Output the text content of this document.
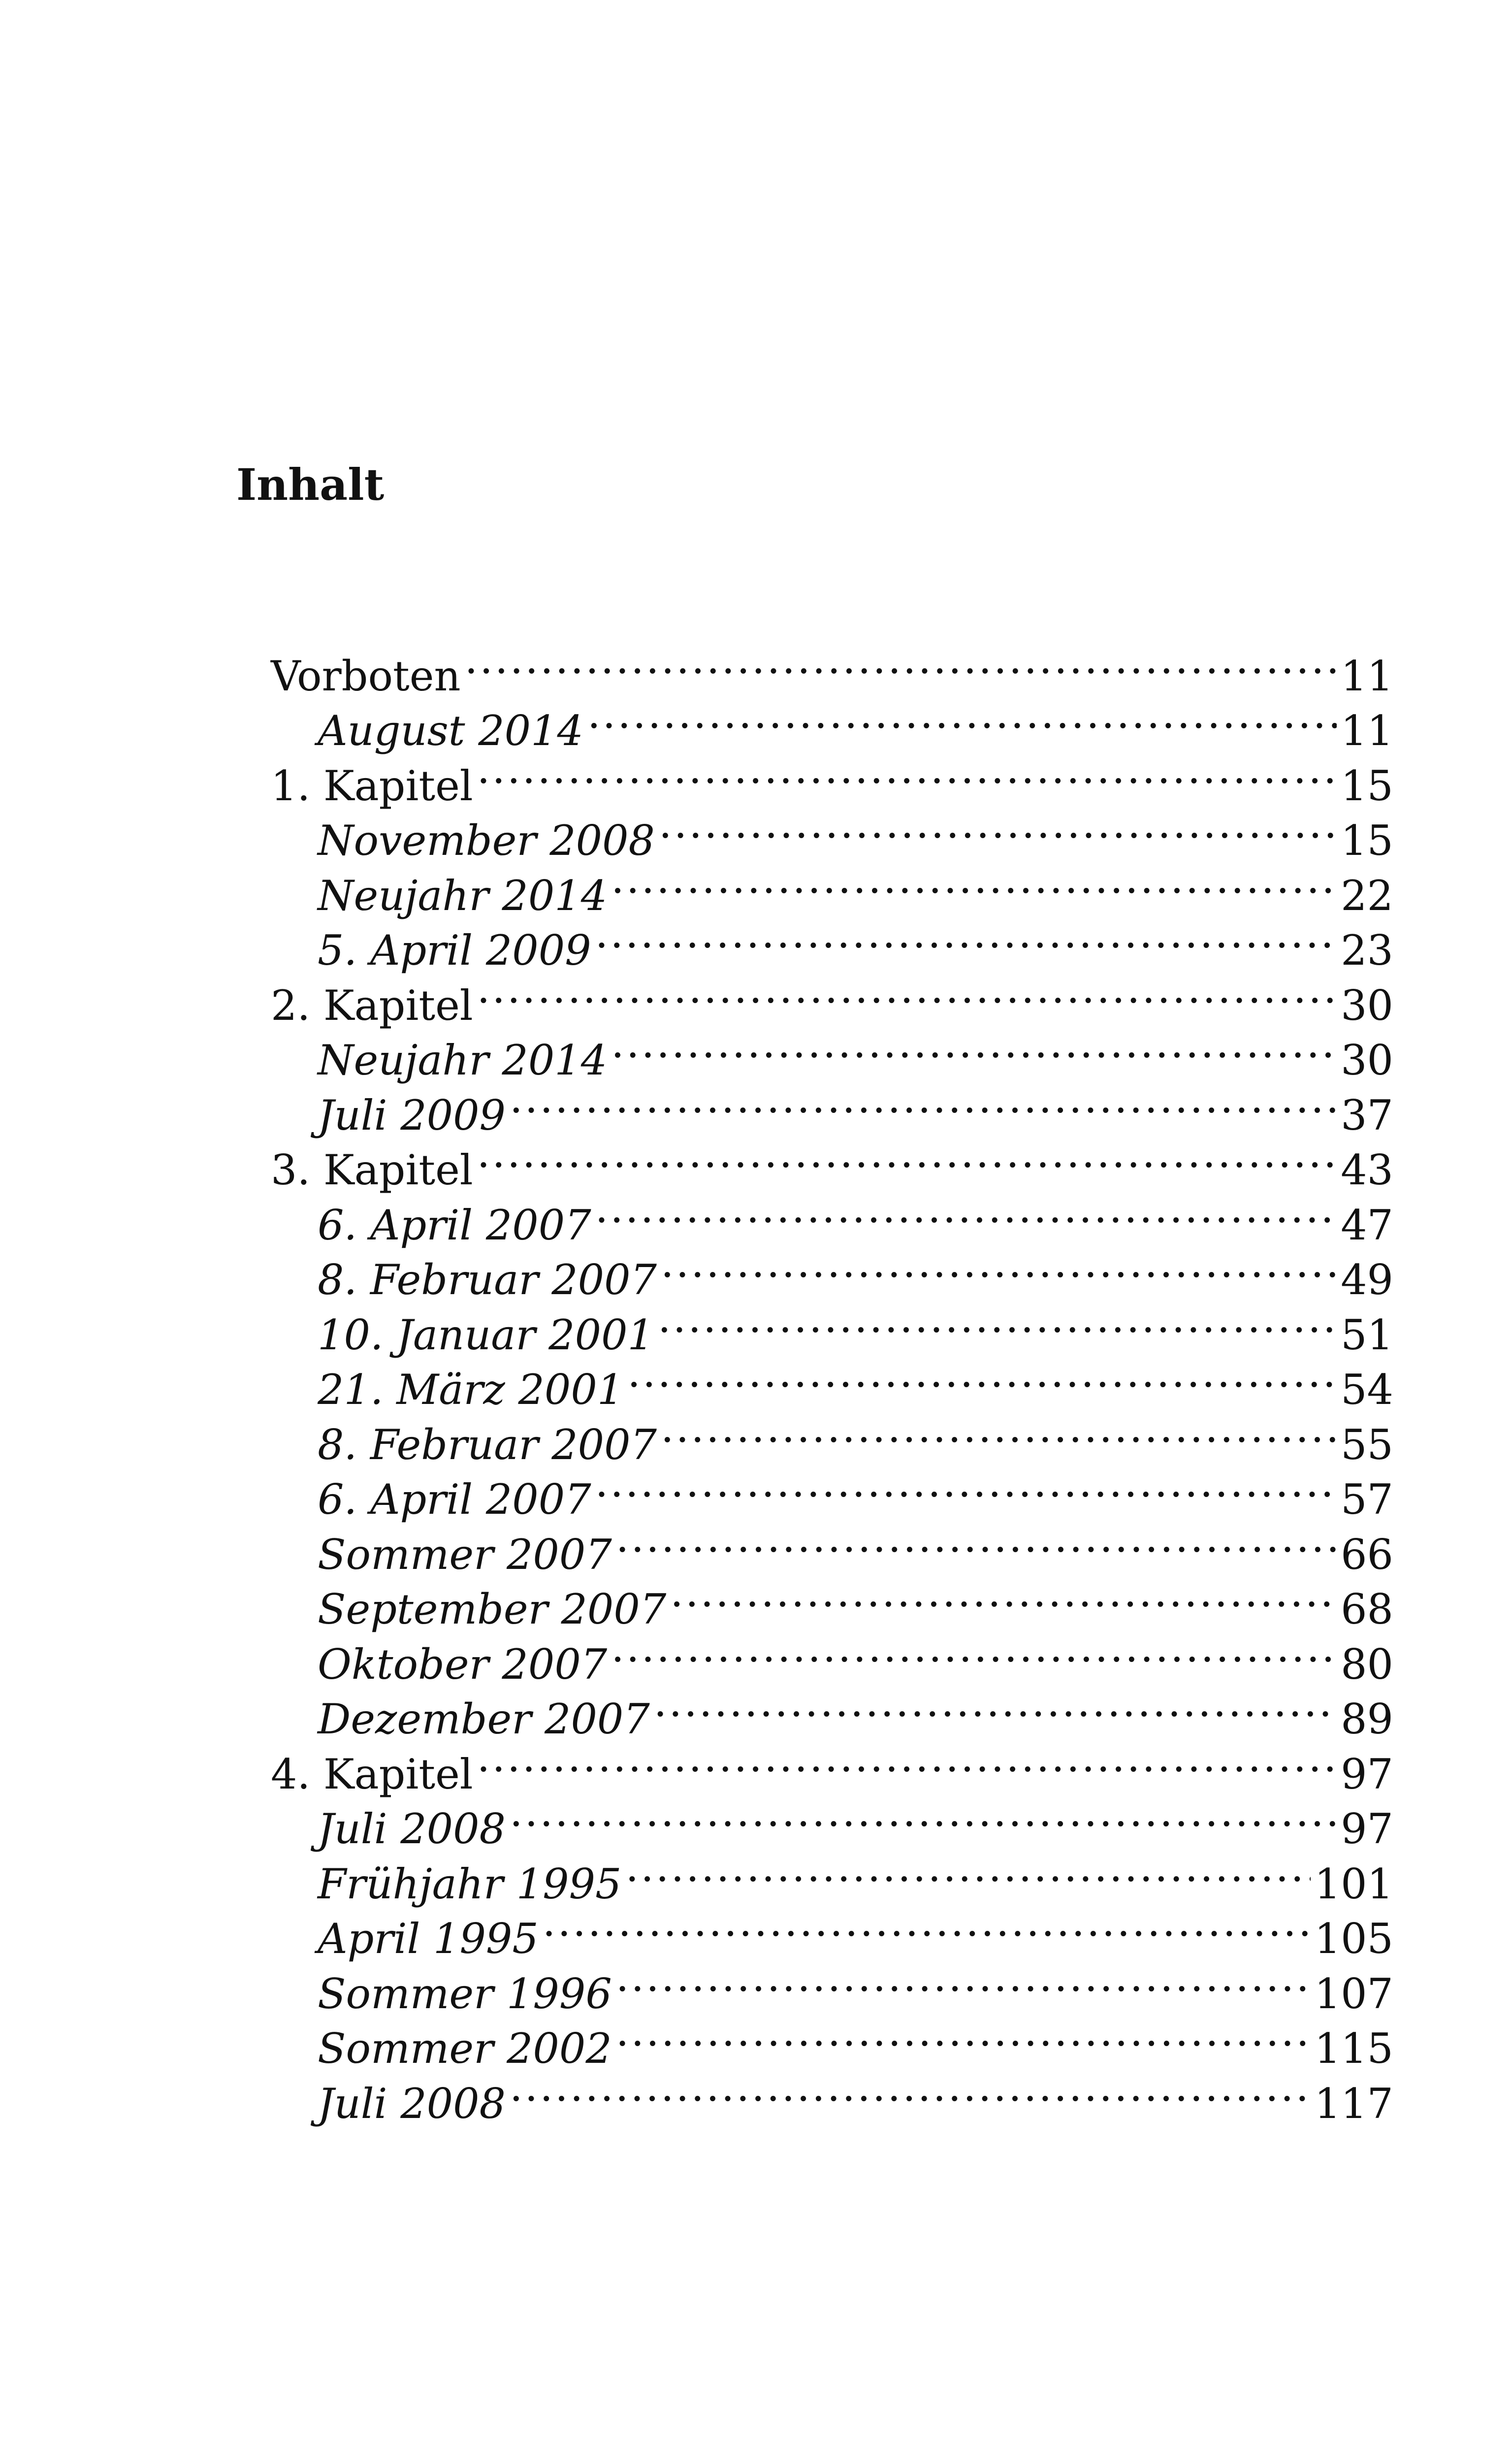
Inhalt
Vorboten .....	11
August 2014 .....	11
1. Kapitel .....	15
November 2008 .....	15
Neujahr 2014 .....	22
5. April 2009 .....	23
2. Kapitel .....	30
Neujahr 2014 .....	30
Juli 2009 .....	37
3. Kapitel .....	43
6. April 2007 .....	47
8. Februar 2007 .....	49
10. Januar 2001 .....	51
21. März 2001 .....	54
8. Februar 2007 .....	55
6. April 2007 .....	57
Sommer 2007 .....	66
September 2007 .....	68
Oktober 2007 .....	80
Dezember 2007 .....	89
4. Kapitel .....	97
Juli 2008 .....	97
Frühjahr 1995 .....	101
April 1995 .....	105
Sommer 1996 .....	107
Sommer 2002 .....	115
Juli 2008 .....	117
